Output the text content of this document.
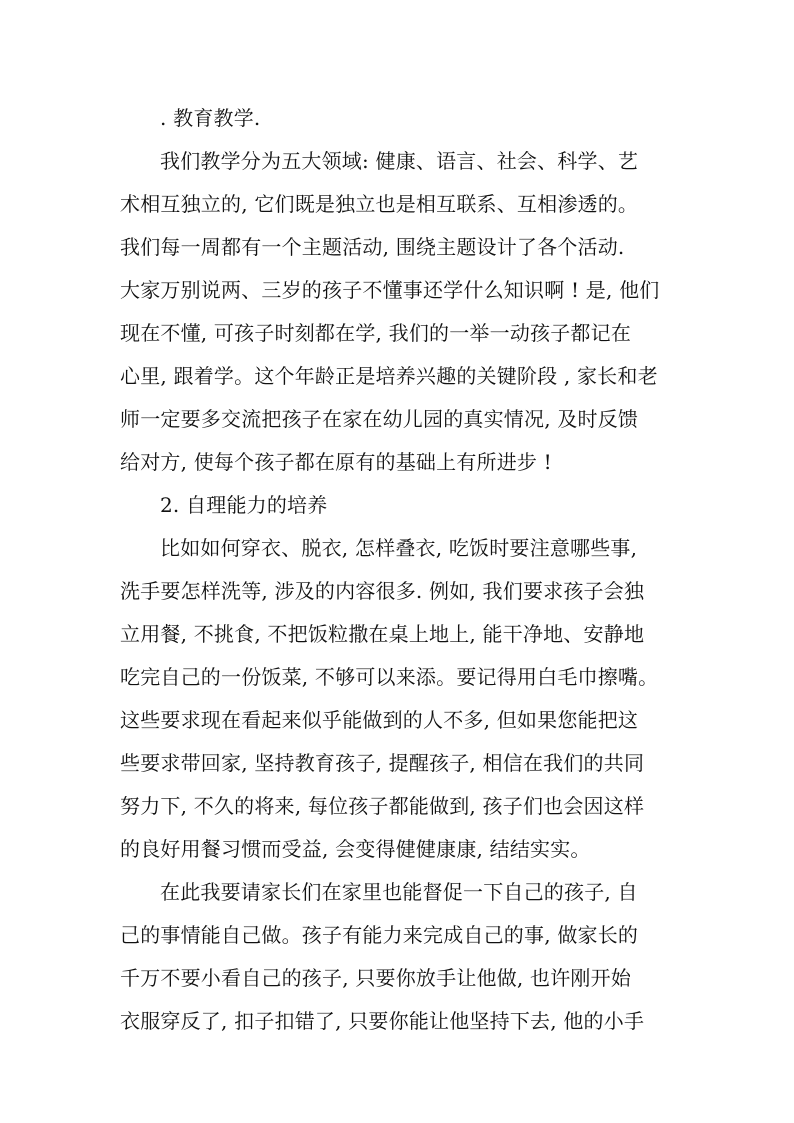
. 教育教学.
我们教学分为五大领域: 健康、语言、社会、科学、艺
术相互独立的, 它们既是独立也是相互联系、互相渗透的。
我们每一周都有一个主题活动, 围绕主题设计了各个活动.
大家万别说两、三岁的孩子不懂事还学什么知识啊 ! 是, 他们
现在不懂, 可孩子时刻都在学, 我们的一举一动孩子都记在
心里, 跟着学。这个年龄正是培养兴趣的关键阶段 , 家长和老
师一定要多交流把孩子在家在幼儿园的真实情况, 及时反馈
给对方, 使每个孩子都在原有的基础上有所进步 !
2. 自理能力的培养
比如如何穿衣、脱衣, 怎样叠衣, 吃饭时要注意哪些事,
洗手要怎样洗等, 涉及的内容很多. 例如, 我们要求孩子会独
立用餐, 不挑食, 不把饭粒撒在桌上地上, 能干净地、安静地
吃完自己的一份饭菜, 不够可以来添。要记得用白毛巾擦嘴。
这些要求现在看起来似乎能做到的人不多, 但如果您能把这
些要求带回家, 坚持教育孩子, 提醒孩子, 相信在我们的共同
努力下, 不久的将来, 每位孩子都能做到, 孩子们也会因这样
的良好用餐习惯而受益, 会变得健健康康, 结结实实。
在此我要请家长们在家里也能督促一下自己的孩子, 自
己的事情能自己做。孩子有能力来完成自己的事, 做家长的
千万不要小看自己的孩子, 只要你放手让他做, 也许刚开始
衣服穿反了, 扣子扣错了, 只要你能让他坚持下去, 他的小手
